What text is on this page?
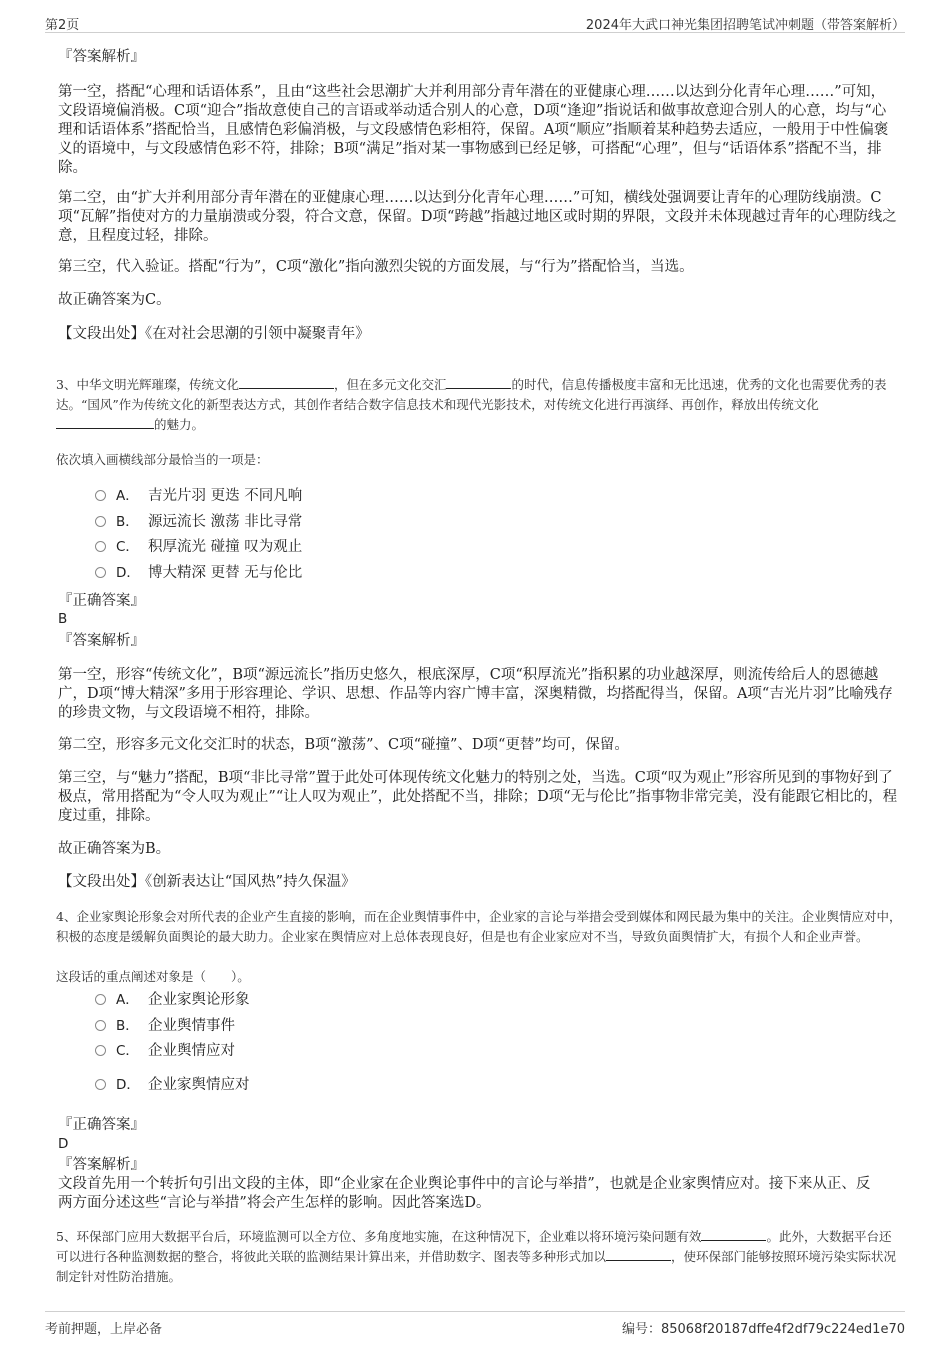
第2页	2024年大武口神光集团招聘笔试冲刺题（带答案解析）
『答案解析』

第一空，搭配“心理和话语体系”，且由“这些社会思潮扩大并利用部分青年潜在的亚健康心理……以达到分化青年心理……”可知，文段语境偏消极。C项“迎合”指故意使自己的言语或举动适合别人的心意，D项“逢迎”指说话和做事故意迎合别人的心意，均与“心理和话语体系”搭配恰当，且感情色彩偏消极，与文段感情色彩相符，保留。A项“顺应”指顺着某种趋势去适应，一般用于中性偏褒义的语境中，与文段感情色彩不符，排除；B项“满足”指对某一事物感到已经足够，可搭配“心理”，但与“话语体系”搭配不当，排除。

第二空，由“扩大并利用部分青年潜在的亚健康心理……以达到分化青年心理……”可知，横线处强调要让青年的心理防线崩溃。C项“瓦解”指使对方的力量崩溃或分裂，符合文意，保留。D项“跨越”指越过地区或时期的界限，文段并未体现越过青年的心理防线之意，且程度过轻，排除。

第三空，代入验证。搭配“行为”，C项“激化”指向激烈尖锐的方面发展，与“行为”搭配恰当，当选。

故正确答案为C。

【文段出处】《在对社会思潮的引领中凝聚青年》

3、中华文明光辉璀璨，传统文化	，但在多元文化交汇	的时代，信息传播极度丰富和无比迅速，优秀的文化也需要优秀的表达。“国风”作为传统文化的新型表达方式，其创作者结合数字信息技术和现代光影技术，对传统文化进行再演绎、再创作，释放出传统文化的魅力。

依次填入画横线部分最恰当的一项是：

A． 吉光片羽 更迭 不同凡响
B． 源远流长 激荡 非比寻常
C． 积厚流光 碰撞 叹为观止
D． 博大精深 更替 无与伦比
『正确答案』
B
『答案解析』

第一空，形容“传统文化”，B项“源远流长”指历史悠久，根底深厚，C项“积厚流光”指积累的功业越深厚，则流传给后人的恩德越广，D项“博大精深”多用于形容理论、学识、思想、作品等内容广博丰富，深奥精微，均搭配得当，保留。A项“吉光片羽”比喻残存的珍贵文物，与文段语境不相符，排除。

第二空，形容多元文化交汇时的状态，B项“激荡”、C项“碰撞”、D项“更替”均可，保留。

第三空，与“魅力”搭配，B项“非比寻常”置于此处可体现传统文化魅力的特别之处，当选。C项“叹为观止”形容所见到的事物好到了极点，常用搭配为“令人叹为观止”“让人叹为观止”，此处搭配不当，排除；D项“无与伦比”指事物非常完美，没有能跟它相比的，程度过重，排除。

故正确答案为B。

【文段出处】《创新表达让“国风热”持久保温》

4、企业家舆论形象会对所代表的企业产生直接的影响，而在企业舆情事件中，企业家的言论与举措会受到媒体和网民最为集中的关注。企业舆情应对中，积极的态度是缓解负面舆论的最大助力。企业家在舆情应对上总体表现良好，但是也有企业家应对不当，导致负面舆情扩大，有损个人和企业声誉。

这段话的重点阐述对象是（　　）。

A． 企业家舆论形象
B． 企业舆情事件
C． 企业舆情应对
D． 企业家舆情应对
『正确答案』
D
『答案解析』

文段首先用一个转折句引出文段的主体，即“企业家在企业舆论事件中的言论与举措”，也就是企业家舆情应对。接下来从正、反两方面分述这些“言论与举措”将会产生怎样的影响。因此答案选D。

5、环保部门应用大数据平台后，环境监测可以全方位、多角度地实施，在这种情况下，企业难以将环境污染问题有效	。此外，大数据平台还可以进行各种监测数据的整合，将彼此关联的监测结果计算出来，并借助数字、图表等多种形式加以	，使环保部门能够按照环境污染实际状况制定针对性防治措施。

考前押题，上岸必备	编号：85068f20187dffe4f2df79c224ed1e70
